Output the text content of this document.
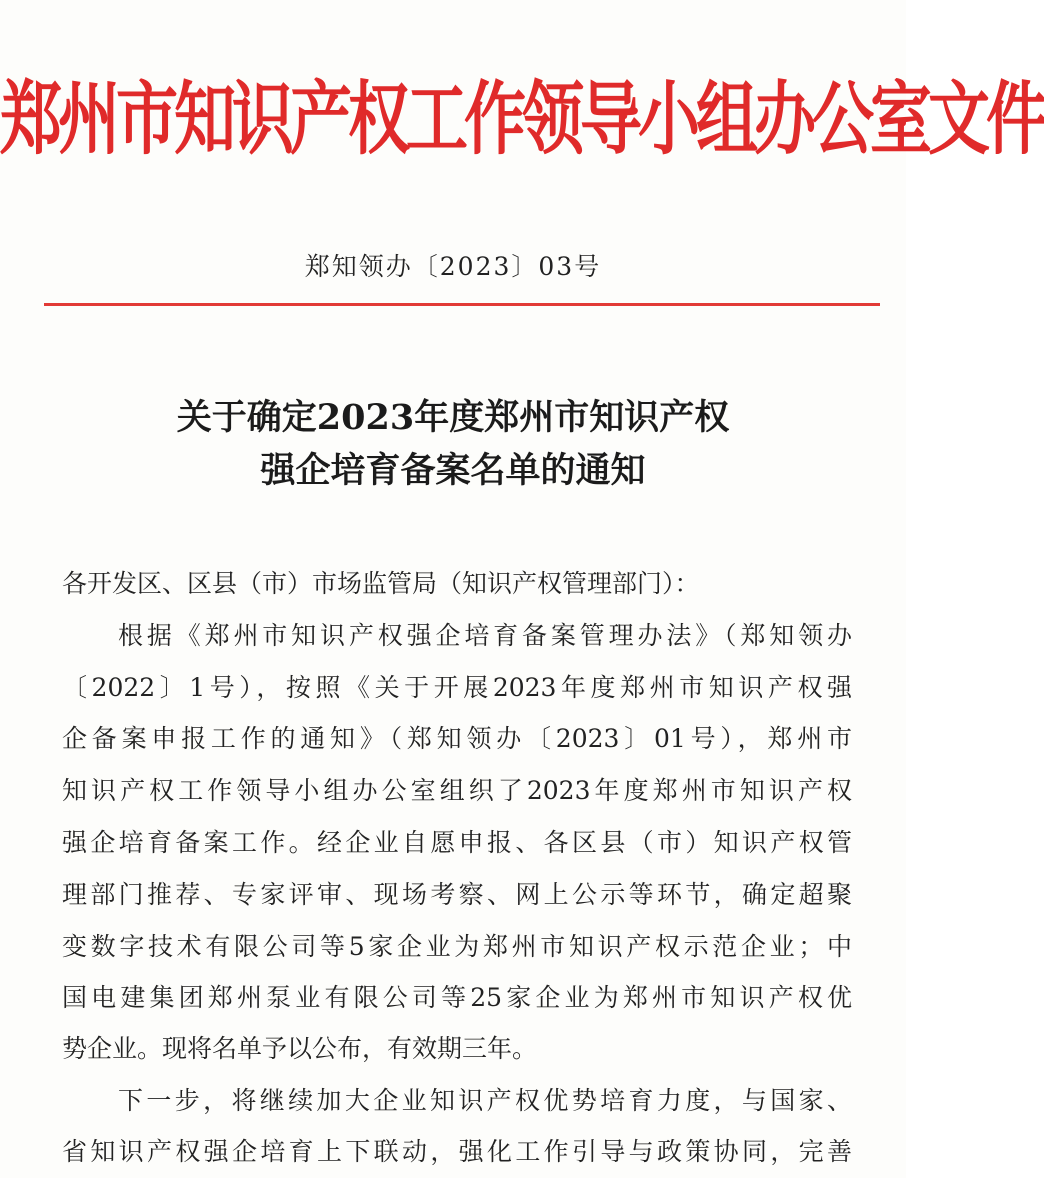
郑州市知识产权工作领导小组办公室文件
郑知领办〔2023〕03号
关于确定2023年度郑州市知识产权
强企培育备案名单的通知
各开发区、区县（市）市场监管局（知识产权管理部门）：
根据《郑州市知识产权强企培育备案管理办法》（郑知领办
〔2022〕1号），按照《关于开展2023年度郑州市知识产权强
企备案申报工作的通知》（郑知领办〔2023〕01号），郑州市
知识产权工作领导小组办公室组织了2023年度郑州市知识产权
强企培育备案工作。经企业自愿申报、各区县（市）知识产权管
理部门推荐、专家评审、现场考察、网上公示等环节，确定超聚
变数字技术有限公司等5家企业为郑州市知识产权示范企业；中
国电建集团郑州泵业有限公司等25家企业为郑州市知识产权优
势企业。现将名单予以公布，有效期三年。
下一步，将继续加大企业知识产权优势培育力度，与国家、
省知识产权强企培育上下联动，强化工作引导与政策协同，完善
